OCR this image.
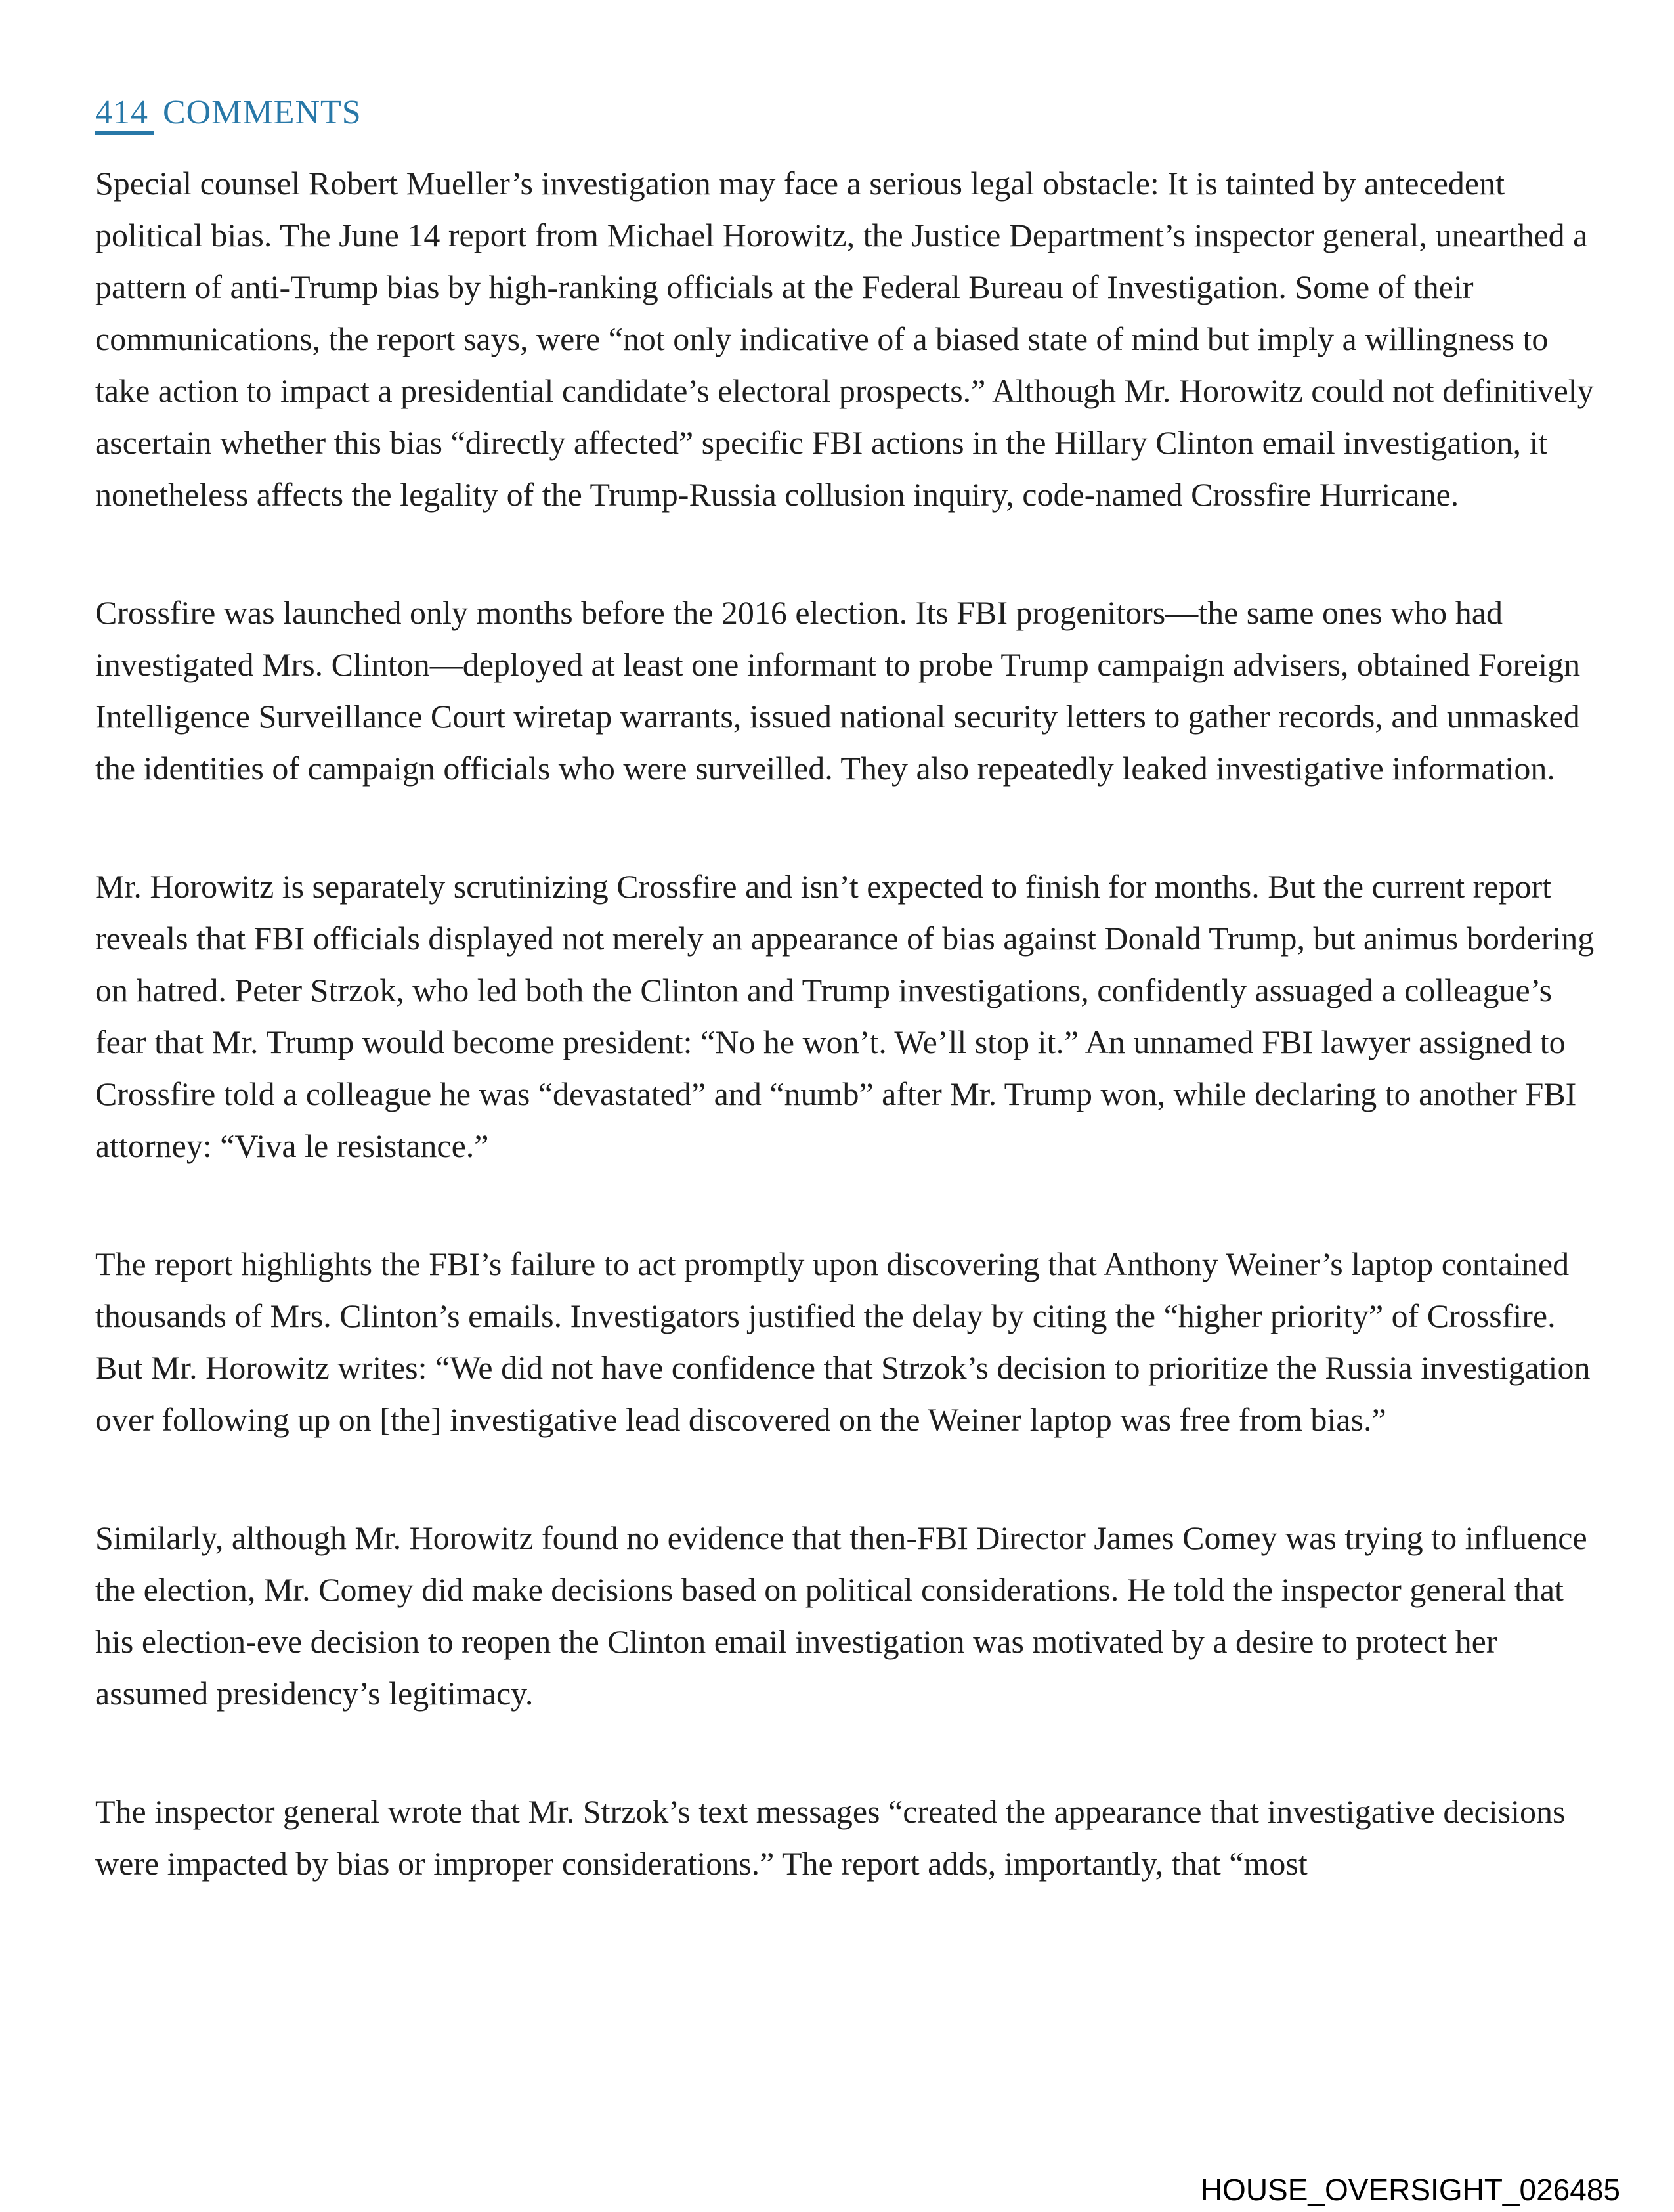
414 COMMENTS

Special counsel Robert Mueller’s investigation may face a serious legal obstacle: It is tainted by antecedent political bias. The June 14 report from Michael Horowitz, the Justice Department’s inspector general, unearthed a pattern of anti-Trump bias by high-ranking officials at the Federal Bureau of Investigation. Some of their communications, the report says, were “not only indicative of a biased state of mind but imply a willingness to take action to impact a presidential candidate’s electoral prospects.” Although Mr. Horowitz could not definitively ascertain whether this bias “directly affected” specific FBI actions in the Hillary Clinton email investigation, it nonetheless affects the legality of the Trump-Russia collusion inquiry, code-named Crossfire Hurricane.

Crossfire was launched only months before the 2016 election. Its FBI progenitors—the same ones who had investigated Mrs. Clinton—deployed at least one informant to probe Trump campaign advisers, obtained Foreign Intelligence Surveillance Court wiretap warrants, issued national security letters to gather records, and unmasked the identities of campaign officials who were surveilled. They also repeatedly leaked investigative information.

Mr. Horowitz is separately scrutinizing Crossfire and isn’t expected to finish for months. But the current report reveals that FBI officials displayed not merely an appearance of bias against Donald Trump, but animus bordering on hatred. Peter Strzok, who led both the Clinton and Trump investigations, confidently assuaged a colleague’s fear that Mr. Trump would become president: “No he won’t. We’ll stop it.” An unnamed FBI lawyer assigned to Crossfire told a colleague he was “devastated” and “numb” after Mr. Trump won, while declaring to another FBI attorney: “Viva le resistance.”

The report highlights the FBI’s failure to act promptly upon discovering that Anthony Weiner’s laptop contained thousands of Mrs. Clinton’s emails. Investigators justified the delay by citing the “higher priority” of Crossfire. But Mr. Horowitz writes: “We did not have confidence that Strzok’s decision to prioritize the Russia investigation over following up on [the] investigative lead discovered on the Weiner laptop was free from bias.”

Similarly, although Mr. Horowitz found no evidence that then-FBI Director James Comey was trying to influence the election, Mr. Comey did make decisions based on political considerations. He told the inspector general that his election-eve decision to reopen the Clinton email investigation was motivated by a desire to protect her assumed presidency’s legitimacy.

The inspector general wrote that Mr. Strzok’s text messages “created the appearance that investigative decisions were impacted by bias or improper considerations.” The report adds, importantly, that “most

HOUSE_OVERSIGHT_026485
